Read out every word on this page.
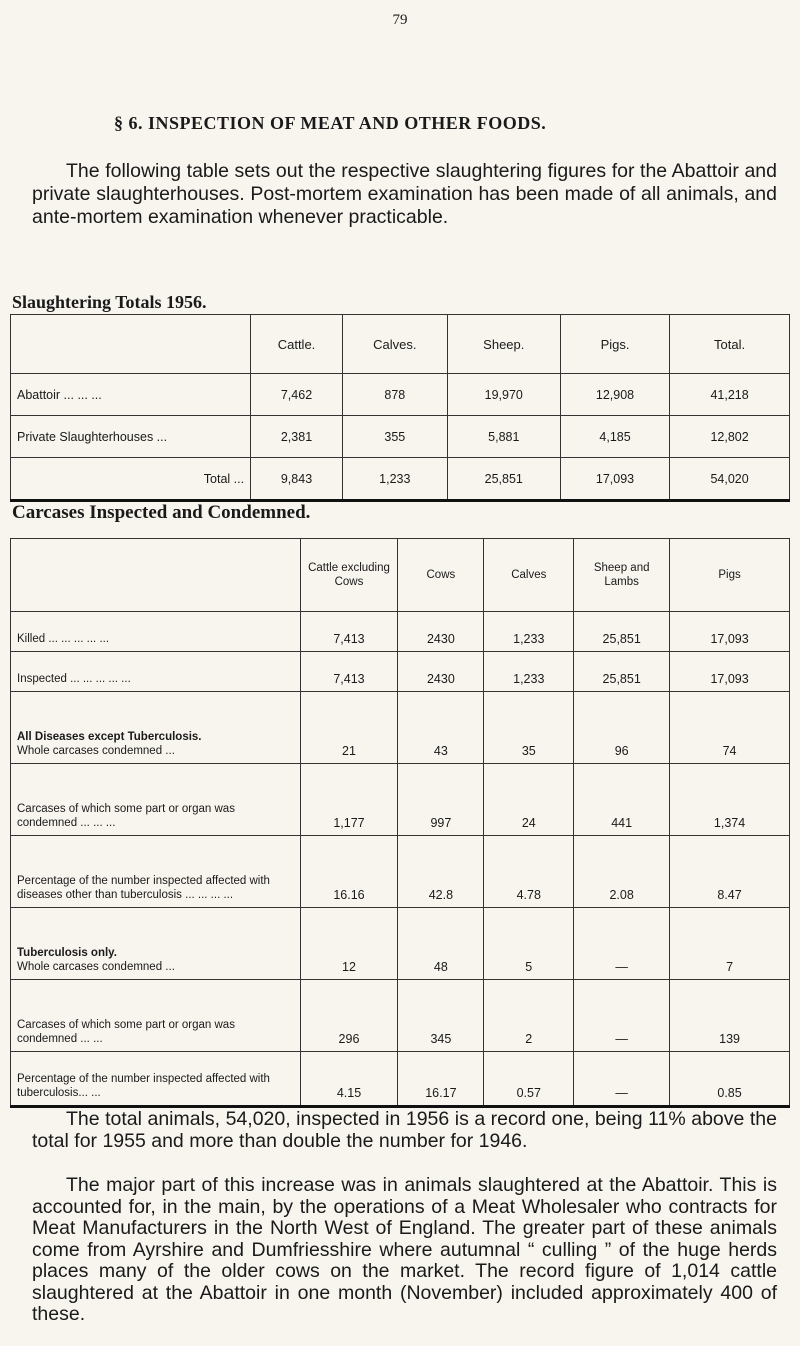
79
§ 6. INSPECTION OF MEAT AND OTHER FOODS.

The following table sets out the respective slaughtering figures for the Abattoir and private slaughterhouses. Post-mortem examination has been made of all animals, and ante-mortem examination whenever practicable.

Slaughtering Totals 1956.
	Cattle.	Calves.	Sheep.	Pigs.	Total.
Abattoir ... ... ...	7,462	878	19,970	12,908	41,218
Private Slaughterhouses ...	2,381	355	5,881	4,185	12,802
Total ...	9,843	1,233	25,851	17,093	54,020
Carcases Inspected and Condemned.
	Cattle excluding Cows	Cows	Calves	Sheep and Lambs	Pigs
Killed ... ... ... ... ...	7,413	2430	1,233	25,851	17,093
Inspected ... ... ... ... ...	7,413	2430	1,233	25,851	17,093

All Diseases except Tuberculosis.
Whole carcases condemned ...	21	43	35	96	74
Carcases of which some part or organ was condemned ... ... ...	1,177	997	24	441	1,374
Percentage of the number inspected affected with diseases other than tuberculosis ... ... ... ...	16.16	42.8	4.78	2.08	8.47

Tuberculosis only.
Whole carcases condemned ...	12	48	5	—	7
Carcases of which some part or organ was condemned ... ...	296	345	2	—	139
Percentage of the number inspected affected with tuberculosis... ...	4.15	16.17	0.57	—	0.85

The total animals, 54,020, inspected in 1956 is a record one, being 11% above the total for 1955 and more than double the number for 1946.

The major part of this increase was in animals slaughtered at the Abattoir. This is accounted for, in the main, by the operations of a Meat Wholesaler who contracts for Meat Manufacturers in the North West of England. The greater part of these animals come from Ayrshire and Dumfriesshire where autumnal “ culling ” of the huge herds places many of the older cows on the market. The record figure of 1,014 cattle slaughtered at the Abattoir in one month (November) included approximately 400 of these.
